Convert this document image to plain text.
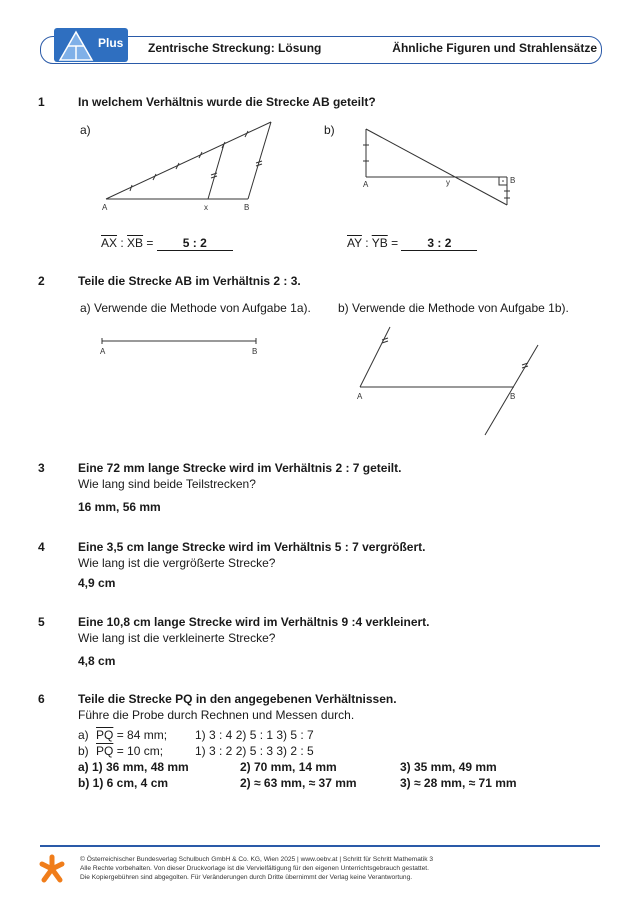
Plus Zentrische Streckung: Lösung	Ähnliche Figuren und Strahlensätze
1	In welchem Verhältnis wurde die Strecke AB geteilt?
a)	b)
A	x	B
A	y	B
$\overline{AX}$ : $\overline{XB} = 5$ : 2	$\overline{AY}$ : $\overline{YB} = 3$ : 2
2	Teile die Strecke AB im Verhältnis 2 : 3.
a) Verwende die Methode von Aufgabe 1a). b) Verwende die Methode von Aufgabe 1b).
A	B
A	B
3	Eine 72 mm lange Strecke wird im Verhältnis 2 : 7 geteilt.
Wie lang sind beide Teilstrecken?
16 mm, 56 mm
4	Eine 3,5 cm lange Strecke wird im Verhältnis 5 : 7 vergrößert.
Wie lang ist die vergrößerte Strecke?
4,9 cm
5	Eine 10,8 cm lange Strecke wird im Verhältnis 9 :4 verkleinert.
Wie lang ist die verkleinerte Strecke?
4,8 cm
6	Teile die Strecke PQ in den angegebenen Verhältnissen.
Führe die Probe durch Rechnen und Messen durch.
a) $\overline{PQ} = 84$ mm; 1) 3 : 4 2) 5 : 1 3) 5 : 7
b) $\overline{PQ} = 10$ cm;	1) 3 : 2 2) 5 : 3 3) 2 : 5
a) 1) 36 mm, 48 mm	2) 70 mm, 14 mm	3) 35 mm, 49 mm
b) 1) 6 cm, 4 cm	2) ≈ 63 mm, ≈ 37 mm	3) ≈ 28 mm, ≈ 71 mm
© Österreichischer Bundesverlag Schulbuch GmbH & Co. KG, Wien 2025 | www.oebv.at | Schritt für Schritt Mathematik 3
Alle Rechte vorbehalten. Von dieser Druckvorlage ist die Vervielfältigung für den eigenen Unterrichtsgebrauch gestattet.
Die Kopiergebühren sind abgegolten. Für Veränderungen durch Dritte übernimmt der Verlag keine Verantwortung.
